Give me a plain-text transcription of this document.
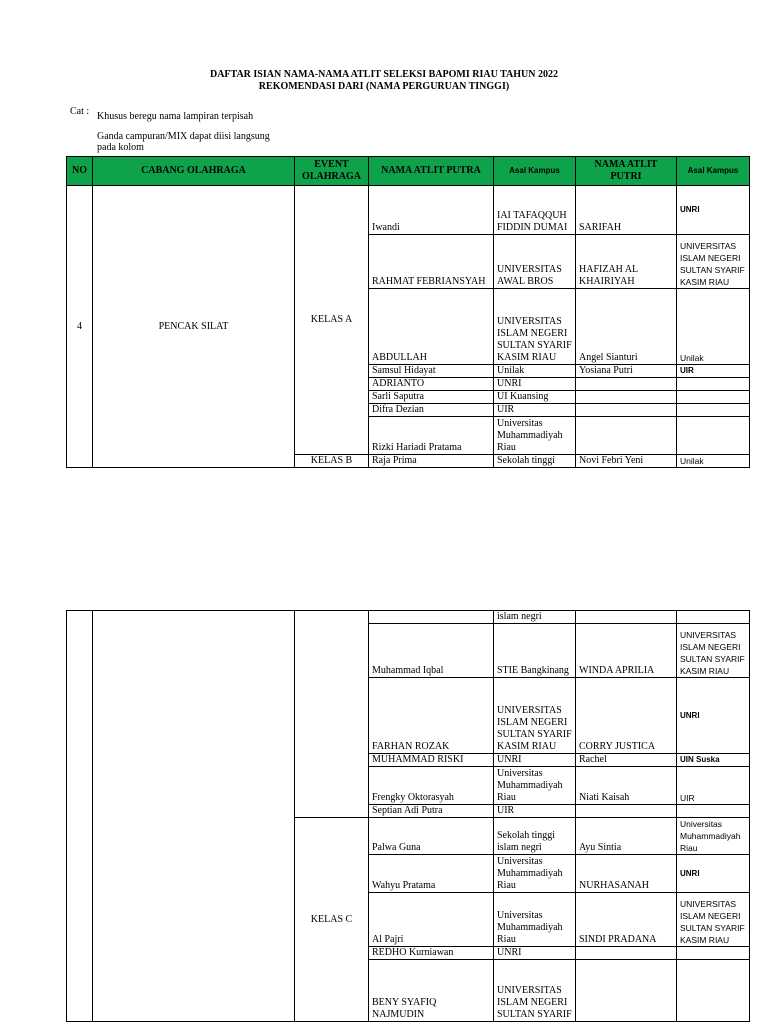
DAFTAR ISIAN NAMA-NAMA ATLIT SELEKSI BAPOMI RIAU TAHUN 2022
REKOMENDASI DARI (NAMA PERGURUAN TINGGI)
Cat : Khusus beregu nama lampiran terpisah
Ganda campuran/MIX dapat diisi langsung
pada kolom
NO	CABANG OLAHRAGA	EVENT OLAHRAGA	NAMA ATLIT PUTRA	Asal Kampus	NAMA ATLIT PUTRI	Asal Kampus
4	PENCAK SILAT	KELAS A	Iwandi	IAI TAFAQQUH FIDDIN DUMAI	SARIFAH	UNRI
			RAHMAT FEBRIANSYAH	UNIVERSITAS AWAL BROS	HAFIZAH AL KHAIRIYAH	UNIVERSITAS ISLAM NEGERI SULTAN SYARIF KASIM RIAU
			ABDULLAH	UNIVERSITAS ISLAM NEGERI SULTAN SYARIF KASIM RIAU	Angel Sianturi	Unilak
			Samsul Hidayat	Unilak	Yosiana Putri	UIR
			ADRIANTO	UNRI		
			Sarli Saputra	UI Kuansing		
			Difra Dezian	UIR		
			Rizki Hariadi Pratama	Universitas Muhammadiyah Riau		
		KELAS B	Raja Prima	Sekolah tinggi	Novi Febri Yeni	Unilak
				islam negri		
			Muhammad Iqbal	STIE Bangkinang	WINDA APRILIA	UNIVERSITAS ISLAM NEGERI SULTAN SYARIF KASIM RIAU
			FARHAN ROZAK	UNIVERSITAS ISLAM NEGERI SULTAN SYARIF KASIM RIAU	CORRY JUSTICA	UNRI
			MUHAMMAD RISKI	UNRI	Rachel	UIN Suska
			Frengky Oktorasyah	Universitas Muhammadiyah Riau	Niati Kaisah	UIR
			Septian Adi Putra	UIR		
		KELAS C	Palwa Guna	Sekolah tinggi islam negri	Ayu Sintia	Universitas Muhammadiyah Riau
			Wahyu Pratama	Universitas Muhammadiyah Riau	NURHASANAH	UNRI
			Al Pajri	Universitas Muhammadiyah Riau	SINDI PRADANA	UNIVERSITAS ISLAM NEGERI SULTAN SYARIF KASIM RIAU
			REDHO Kurniawan	UNRI		
			BENY SYAFIQ NAJMUDIN	UNIVERSITAS ISLAM NEGERI SULTAN SYARIF		
